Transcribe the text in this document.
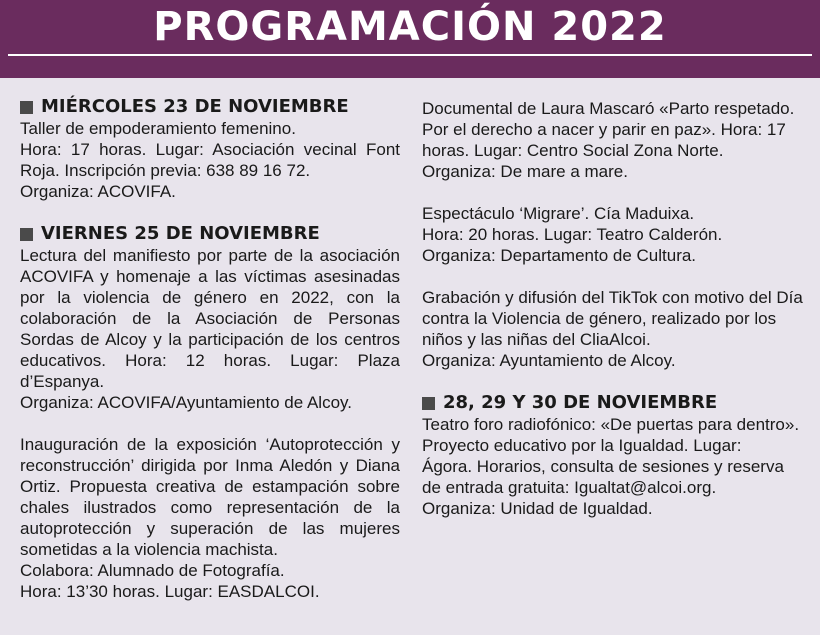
PROGRAMACIÓN 2022
MIÉRCOLES 23 DE NOVIEMBRE
Taller de empoderamiento femenino.
Hora: 17 horas. Lugar: Asociación vecinal Font Roja. Inscripción previa: 638 89 16 72.
Organiza: ACOVIFA.
VIERNES 25 DE NOVIEMBRE
Lectura del manifiesto por parte de la asociación ACOVIFA y homenaje a las víctimas asesinadas por la violencia de género en 2022, con la colaboración de la Asociación de Personas Sordas de Alcoy y la participación de los centros educativos. Hora: 12 horas. Lugar: Plaza d’Espanya.
Organiza: ACOVIFA/Ayuntamiento de Alcoy.
Inauguración de la exposición ‘Autoprotección y reconstrucción’ dirigida por Inma Aledón y Diana Ortiz. Propuesta creativa de estampación sobre chales ilustrados como representación de la autoprotección y superación de las mujeres sometidas a la violencia machista.
Colabora: Alumnado de Fotografía.
Hora: 13’30 horas. Lugar: EASDALCOI.
Documental de Laura Mascaró «Parto respetado. Por el derecho a nacer y parir en paz». Hora: 17 horas. Lugar: Centro Social Zona Norte.
Organiza: De mare a mare.
Espectáculo ‘Migrare’. Cía Maduixa.
Hora: 20 horas. Lugar: Teatro Calderón.
Organiza: Departamento de Cultura.
Grabación y difusión del TikTok con motivo del Día contra la Violencia de género, realizado por los niños y las niñas del CliaAlcoi.
Organiza: Ayuntamiento de Alcoy.
28, 29 Y 30 DE NOVIEMBRE
Teatro foro radiofónico: «De puertas para dentro». Proyecto educativo por la Igualdad. Lugar:
Ágora. Horarios, consulta de sesiones y reserva de entrada gratuita: Igualtat@alcoi.org.
Organiza: Unidad de Igualdad.
